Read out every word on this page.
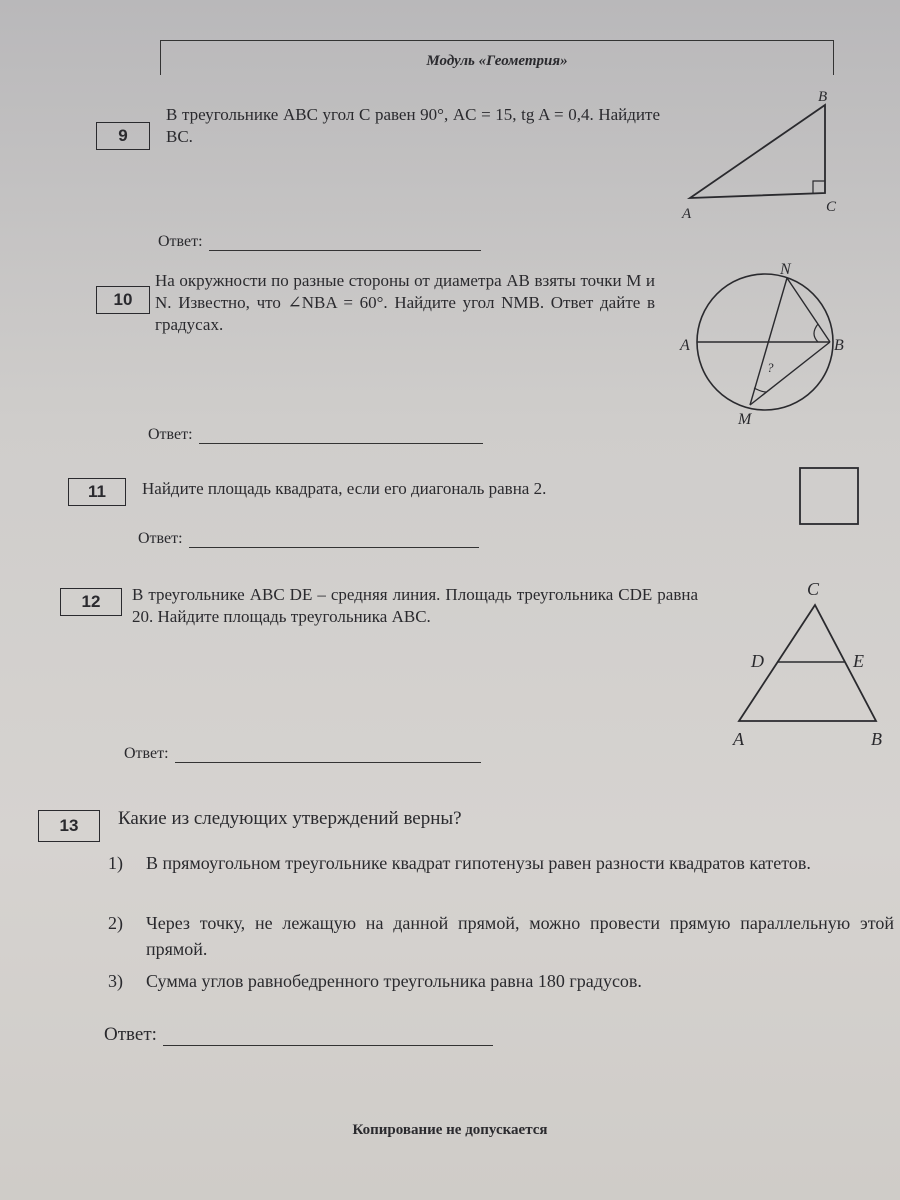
Модуль «Геометрия»
9
В треугольнике ABC угол C равен 90°, AC = 15, tg A = 0,4. Найдите BC.
Ответ:
B
A	C
10
На окружности по разные стороны от диаметра AB взяты точки M и N. Известно, что ∠NBA = 60°. Найдите угол NMB. Ответ дайте в градусах.
Ответ:
N
A	B
M
?
11	Найдите площадь квадрата, если его диагональ равна 2.
Ответ:
12	В треугольнике ABC DE – средняя линия. Площадь треугольника CDE равна 20. Найдите площадь треугольника ABC.
Ответ:
C
D	E
A	B
13	Какие из следующих утверждений верны?
1)	В прямоугольном треугольнике квадрат гипотенузы равен разности квадратов катетов.
2)	Через точку, не лежащую на данной прямой, можно провести прямую параллельную этой прямой.
3)	Сумма углов равнобедренного треугольника равна 180 градусов.
Ответ:
Копирование не допускается
